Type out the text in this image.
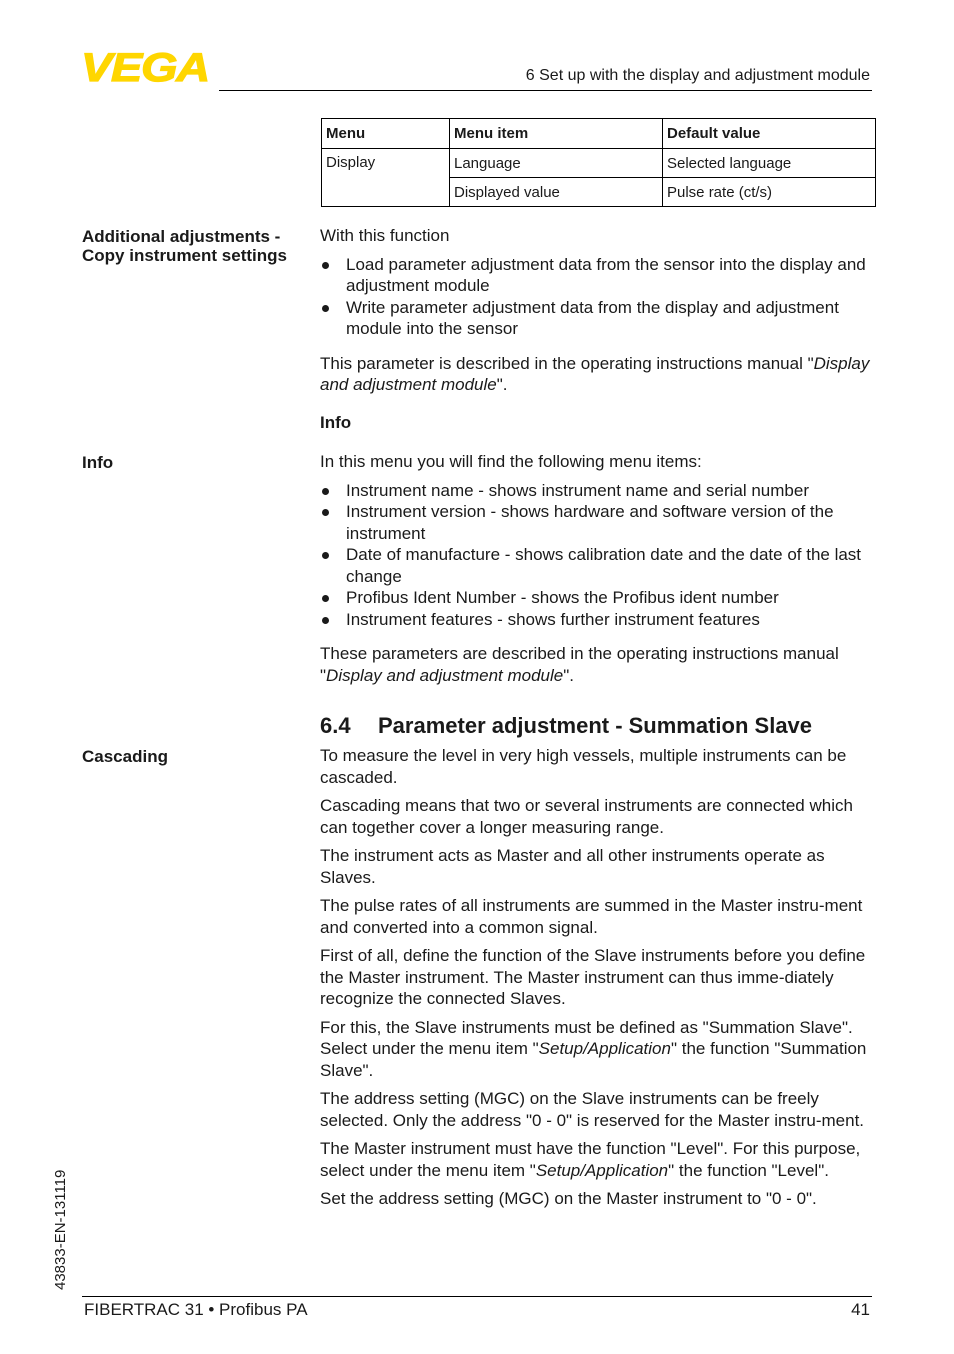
VEGA	6 Set up with the display and adjustment module
Menu	Menu item	Default value
Display	Language	Selected language
	Displayed value	Pulse rate (ct/s)
Additional adjustments -
Copy instrument settings

With this function

Load parameter adjustment data from the sensor into the display and adjustment module
Write parameter adjustment data from the display and adjustment module into the sensor

This parameter is described in the operating instructions manual "Display and adjustment module".

Info

Info	In this menu you will find the following menu items:

Instrument name - shows instrument name and serial number
Instrument version - shows hardware and software version of the instrument
Date of manufacture - shows calibration date and the date of the last change
Profibus Ident Number - shows the Profibus ident number
Instrument features - shows further instrument features

These parameters are described in the operating instructions manual "Display and adjustment module".

6.4 Parameter adjustment - Summation Slave
Cascading	To measure the level in very high vessels, multiple instruments can be cascaded.

Cascading means that two or several instruments are connected which can together cover a longer measuring range.

The instrument acts as Master and all other instruments operate as Slaves.

The pulse rates of all instruments are summed in the Master instru-ment and converted into a common signal.

First of all, define the function of the Slave instruments before you define the Master instrument. The Master instrument can thus imme-diately recognize the connected Slaves.

For this, the Slave instruments must be defined as "Summation Slave". Select under the menu item "Setup/Application" the function "Summation Slave".

The address setting (MGC) on the Slave instruments can be freely selected. Only the address "0 - 0" is reserved for the Master instru-ment.

The Master instrument must have the function "Level". For this purpose, select under the menu item "Setup/Application" the function "Level".

Set the address setting (MGC) on the Master instrument to "0 - 0".

43833-EN-131119
FIBERTRAC 31 • Profibus PA	41
